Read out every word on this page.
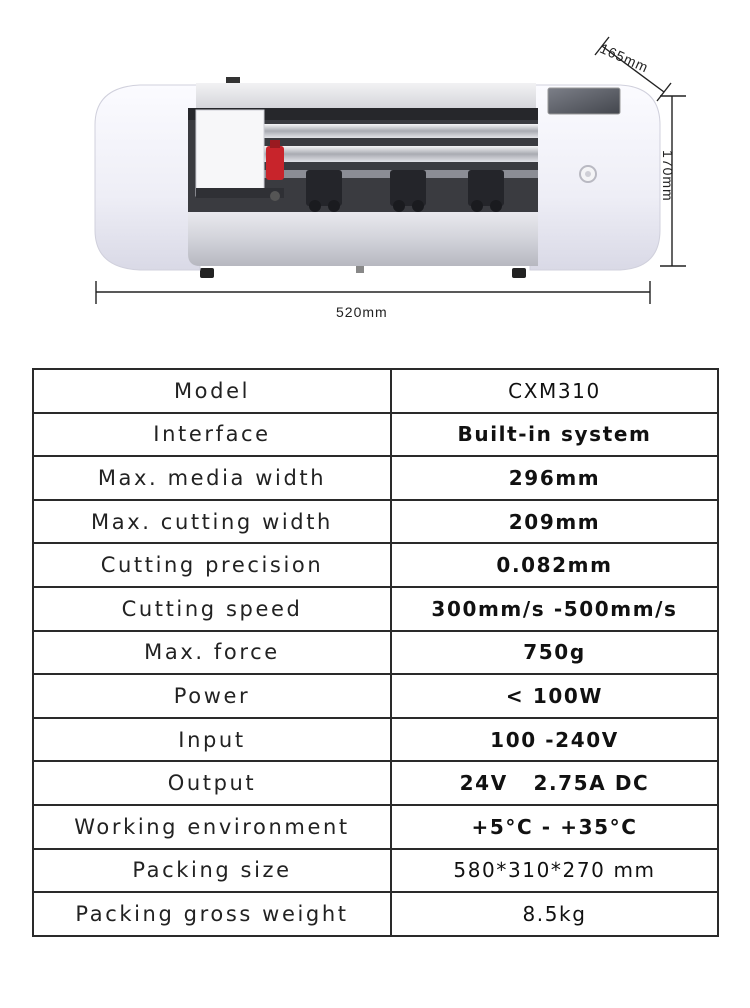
520mm
165mm
170mm
Model	CXM310
Interface	Built-in system
Max. media width	296mm
Max. cutting width	209mm
Cutting precision	0.082mm
Cutting speed	300mm/s -500mm/s
Max. force	750g
Power	< 100W
Input	100 -240V
Output	24V   2.75A DC
Working environment	+5°C - +35°C
Packing size	580*310*270 mm
Packing gross weight	8.5kg
